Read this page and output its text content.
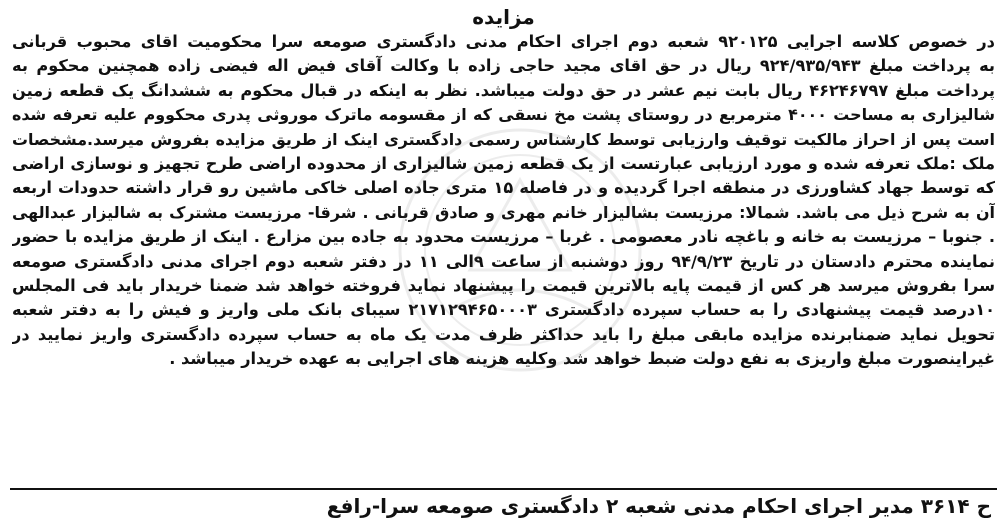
مزایده

در خصوص کلاسه اجرایی ۹۲۰۱۲۵ شعبه دوم اجرای احکام مدنی دادگستری صومعه سرا محکومیت اقای محبوب قربانی

به پرداخت مبلغ ۹۲۴/۹۳۵/۹۴۳ ریال در حق اقای مجید حاجی زاده با وکالت آقای فیض اله فیضی زاده همچنین محکوم به

پرداخت مبلغ ۴۶۲۴۶۷۹۷ ریال بابت نیم عشر در حق دولت میباشد. نظر به اینکه در قبال محکوم به ششدانگ یک قطعه زمین

شالیزاری به مساحت ۴۰۰۰ مترمربع در روستای پشت مخ نسقی که از مقسومه ماترک موروثی پدری محکووم علیه تعرفه شده

است پس از احراز مالکیت توقیف وارزیابی توسط کارشناس رسمی دادگستری اینک از طریق مزایده بفروش میرسد.مشخصات

ملک :ملک تعرفه شده و مورد ارزیابی عبارتست از یک قطعه زمین شالیزاری از محدوده اراضی طرح تجهیز و نوسازی اراضی

که توسط جهاد کشاورزی در منطقه اجرا گردیده و در فاصله ۱۵ متری جاده اصلی خاکی ماشین رو قرار داشته حدودات اربعه

آن به شرح ذیل می باشد. شمالا: مرزیست بشالیزار خانم مهری و صادق قربانی . شرقا- مرزیست مشترک به شالیزار عبدالهی

. جنوبا – مرزیست به خانه و باغچه نادر معصومی . غربا – مرزیست محدود به جاده بین مزارع . اینک از طریق مزایده با حضور

نماینده محترم دادستان در تاریخ ۹۴/۹/۲۳ روز دوشنبه از ساعت ۹الی ۱۱ در دفتر شعبه دوم اجرای مدنی دادگستری صومعه

سرا بفروش میرسد هر کس از قیمت پایه بالاترین قیمت را پیشنهاد نماید فروخته خواهد شد ضمنا خریدار باید فی المجلس

۱۰درصد قیمت پیشنهادی را به حساب سپرده دادگستری ۲۱۷۱۲۹۴۶۵۰۰۰۳ سیبای بانک ملی واریز و فیش را به دفتر شعبه

تحویل نماید ضمنابرنده مزایده مابقی مبلغ را باید حداکثر ظرف مدت یک ماه به حساب سپرده دادگستری واریز نمایید در

غیراینصورت مبلغ واریزی به نفع دولت ضبط خواهد شد وکلیه هزینه های اجرایی به عهده خریدار میباشد .

ح ۳۶۱۴ مدیر اجرای احکام مدنی شعبه ۲ دادگستری صومعه سرا-رافع
